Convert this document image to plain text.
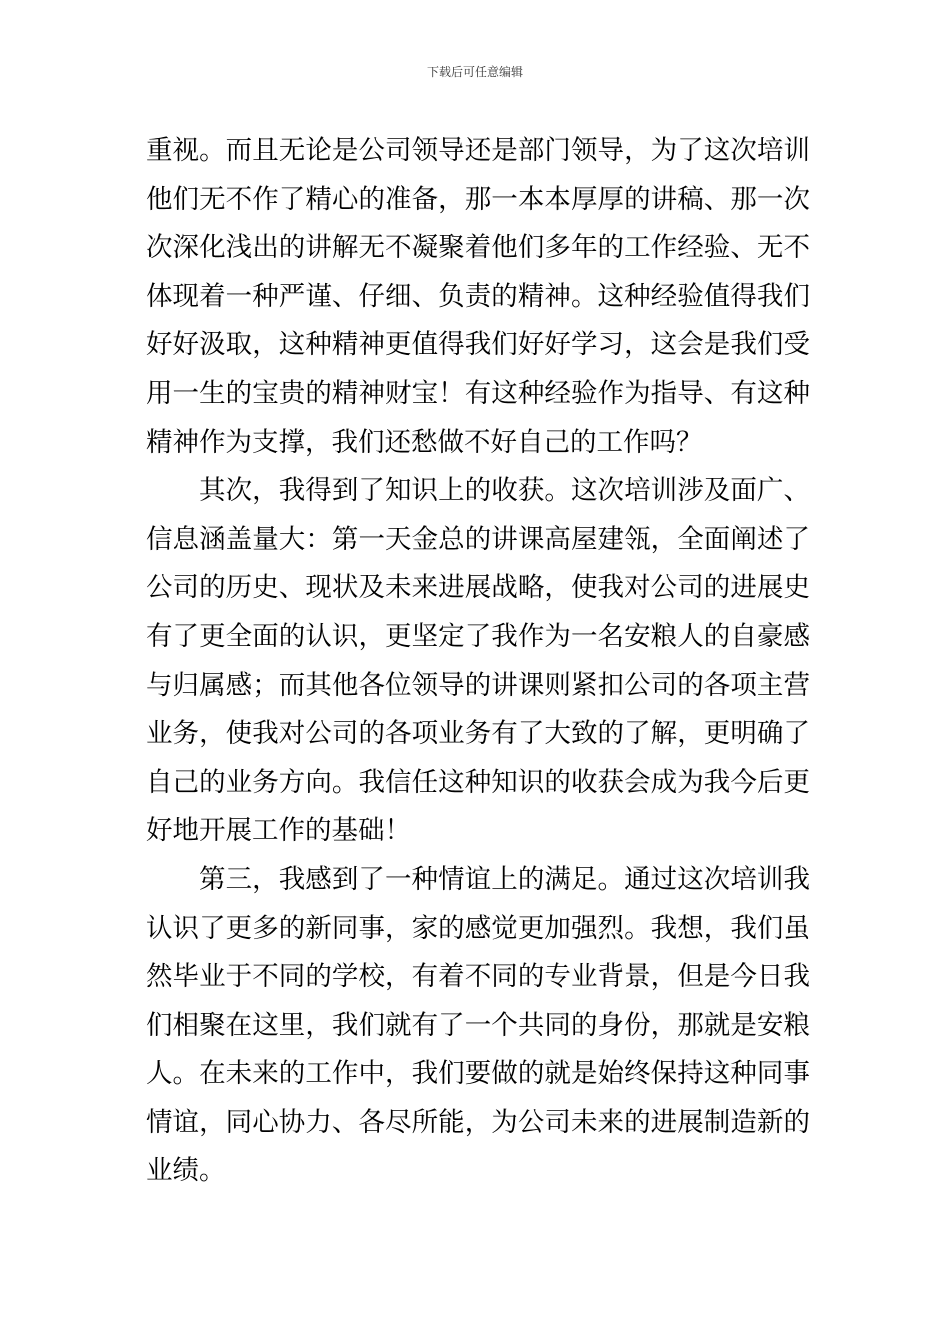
下载后可任意编辑
重视。而且无论是公司领导还是部门领导，为了这次培训
他们无不作了精心的准备，那一本本厚厚的讲稿、那一次
次深化浅出的讲解无不凝聚着他们多年的工作经验、无不
体现着一种严谨、仔细、负责的精神。这种经验值得我们
好好汲取，这种精神更值得我们好好学习，这会是我们受
用一生的宝贵的精神财宝！有这种经验作为指导、有这种
精神作为支撑，我们还愁做不好自己的工作吗？
其次，我得到了知识上的收获。这次培训涉及面广、
信息涵盖量大：第一天金总的讲课高屋建瓴，全面阐述了
公司的历史、现状及未来进展战略，使我对公司的进展史
有了更全面的认识，更坚定了我作为一名安粮人的自豪感
与归属感；而其他各位领导的讲课则紧扣公司的各项主营
业务，使我对公司的各项业务有了大致的了解，更明确了
自己的业务方向。我信任这种知识的收获会成为我今后更
好地开展工作的基础！
第三，我感到了一种情谊上的满足。通过这次培训我
认识了更多的新同事，家的感觉更加强烈。我想，我们虽
然毕业于不同的学校，有着不同的专业背景，但是今日我
们相聚在这里，我们就有了一个共同的身份，那就是安粮
人。在未来的工作中，我们要做的就是始终保持这种同事
情谊，同心协力、各尽所能，为公司未来的进展制造新的
业绩。
